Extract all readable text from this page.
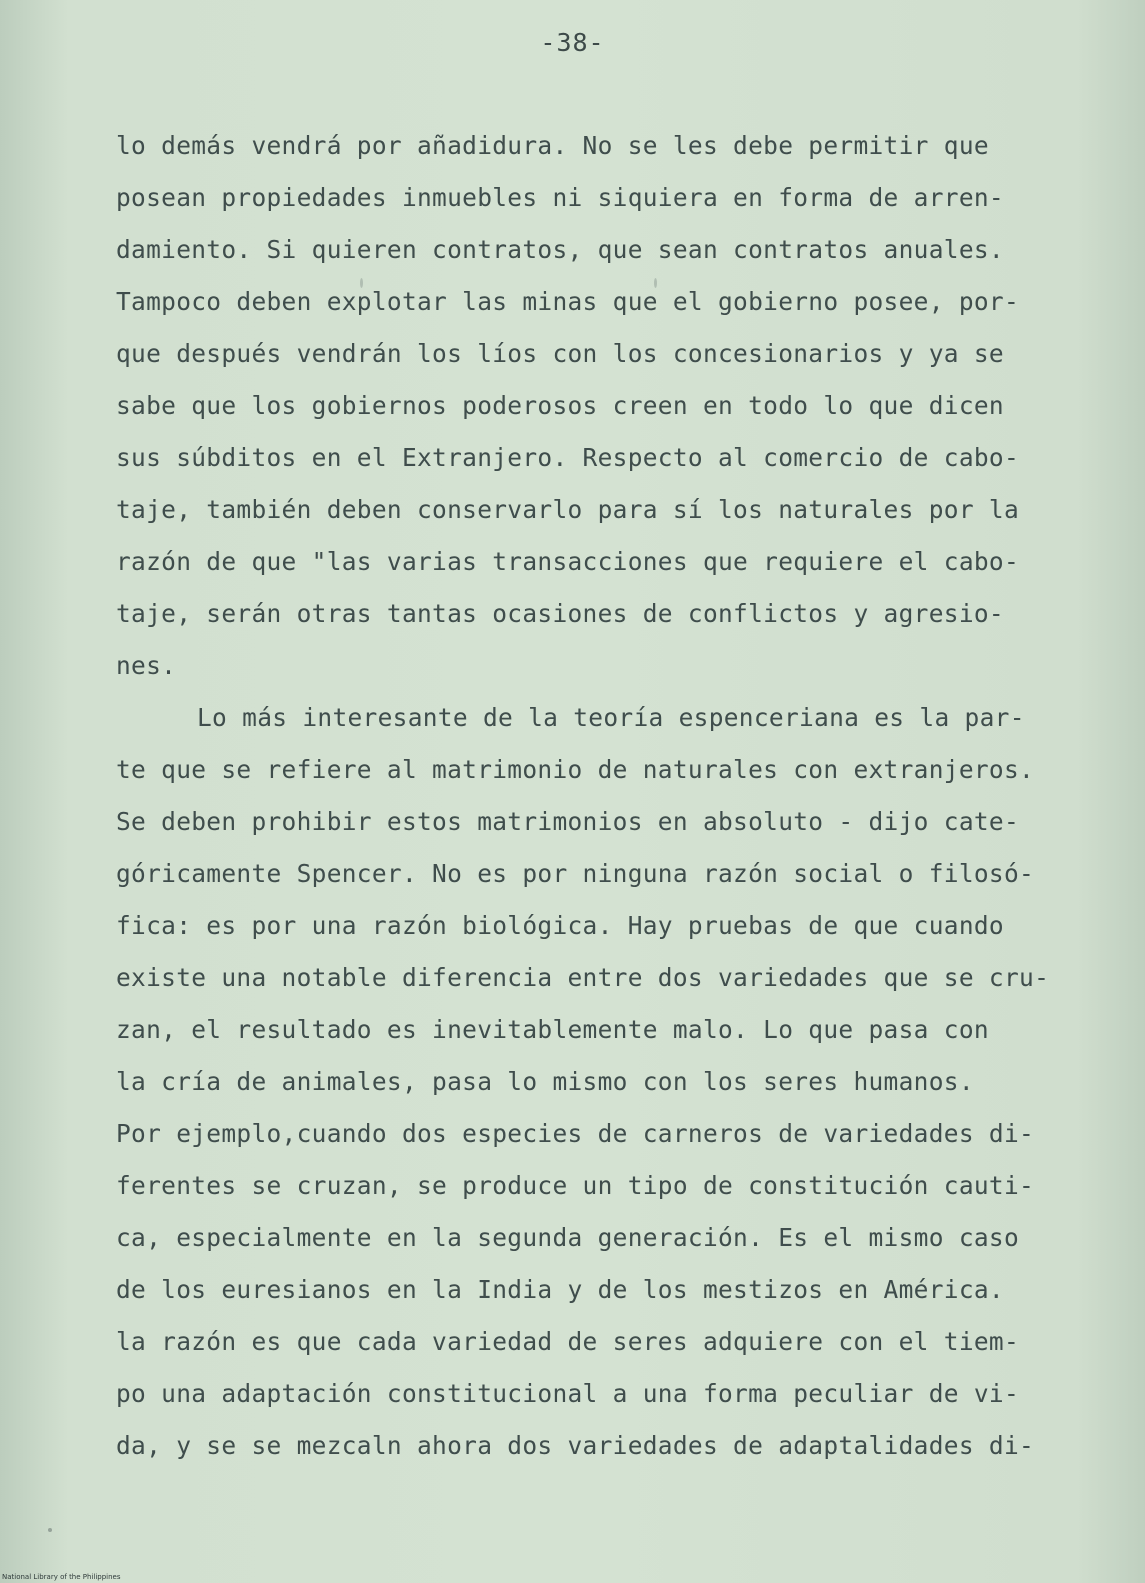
-38-
lo demás vendrá por añadidura. No se les debe permitir que
posean propiedades inmuebles ni siquiera en forma de arren-
damiento. Si quieren contratos, que sean contratos anuales.
Tampoco deben explotar las minas que el gobierno posee, por-
que después vendrán los líos con los concesionarios y ya se
sabe que los gobiernos poderosos creen en todo lo que dicen
sus súbditos en el Extranjero. Respecto al comercio de cabo-
taje, también deben conservarlo para sí los naturales por la
razón de que "las varias transacciones que requiere el cabo-
taje, serán otras tantas ocasiones de conflictos y agresio-
nes.
Lo más interesante de la teoría espenceriana es la par-
te que se refiere al matrimonio de naturales con extranjeros.
Se deben prohibir estos matrimonios en absoluto - dijo cate-
góricamente Spencer. No es por ninguna razón social o filosó-
fica: es por una razón biológica. Hay pruebas de que cuando
existe una notable diferencia entre dos variedades que se cru-
zan, el resultado es inevitablemente malo. Lo que pasa con
la cría de animales, pasa lo mismo con los seres humanos.
Por ejemplo,cuando dos especies de carneros de variedades di-
ferentes se cruzan, se produce un tipo de constitución cauti-
ca, especialmente en la segunda generación. Es el mismo caso
de los euresianos en la India y de los mestizos en América.
la razón es que cada variedad de seres adquiere con el tiem-
po una adaptación constitucional a una forma peculiar de vi-
da, y se se mezcaln ahora dos variedades de adaptalidades di-
National Library of the Philippines
